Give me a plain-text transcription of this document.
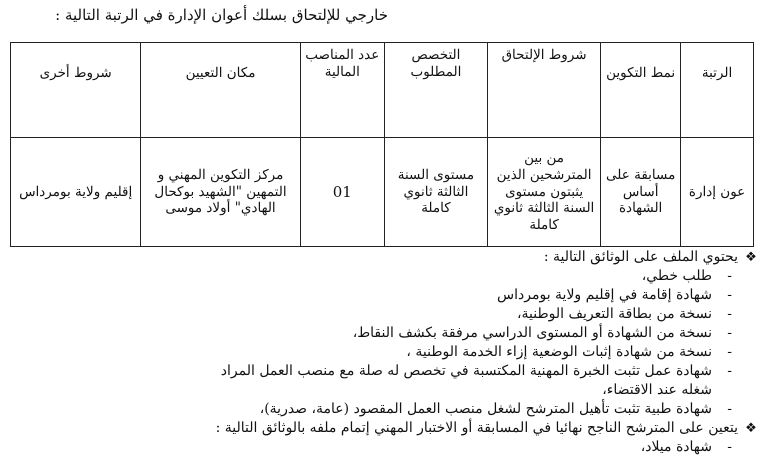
خارجي للإلتحاق بسلك أعوان الإدارة في الرتبة التالية :
الرتبة	نمط التكوين	شروط الإلتحاق	التخصص المطلوب	عدد المناصب المالية	مكان التعيين	شروط أخرى
عون إدارة	مسابقة على أساس الشهادة	من بين المترشحين الذين يثبتون مستوى السنة الثالثة ثانوي كاملة	مستوى السنة الثالثة ثانوي كاملة	01	مركز التكوين المهني و التمهين "الشهيد بوكحال الهادي" أولاد موسى	إقليم ولاية بومرداس
❖يحتوي الملف على الوثائق التالية :
-طلب خطي،
-شهادة إقامة في إقليم ولاية بومرداس
-نسخة من بطاقة التعريف الوطنية،
-نسخة من الشهادة أو المستوى الدراسي مرفقة بكشف النقاط،
-نسخة من شهادة إثبات الوضعية إزاء الخدمة الوطنية ،
-شهادة عمل تثبت الخبرة المهنية المكتسبة في تخصص له صلة مع منصب العمل المراد
شغله عند الاقتضاء،
-شهادة طبية تثبت تأهيل المترشح لشغل منصب العمل المقصود (عامة، صدرية)،
❖يتعين على المترشح الناجح نهائيا في المسابقة أو الاختبار المهني إتمام ملفه بالوثائق التالية :
-شهادة ميلاد،
